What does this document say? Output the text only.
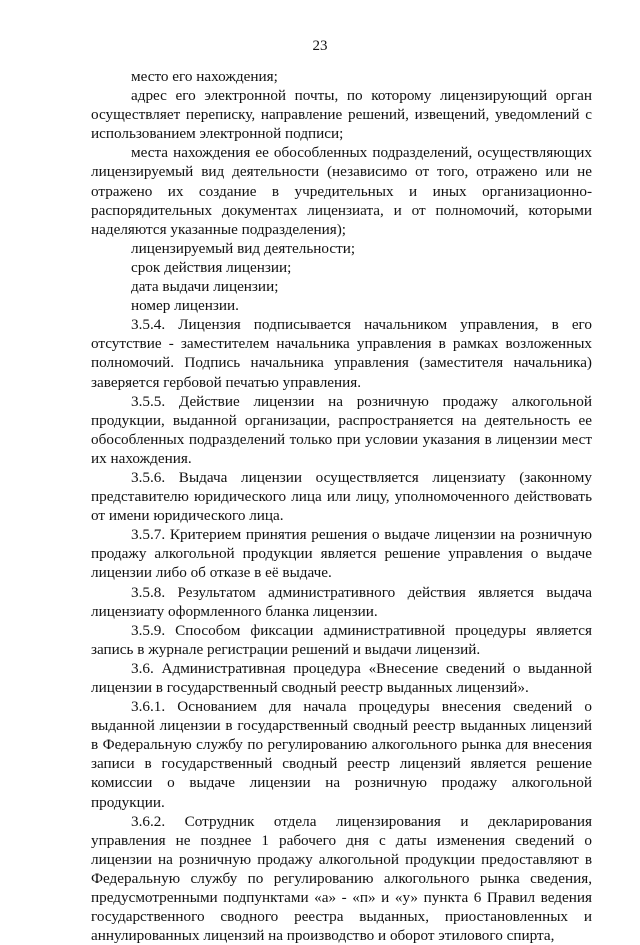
23

место его нахождения;

адрес его электронной почты, по которому лицензирующий орган осуществляет переписку, направление решений, извещений, уведомлений с использованием электронной подписи;

места нахождения ее обособленных подразделений, осуществляющих лицензируемый вид деятельности (независимо от того, отражено или не отражено их создание в учредительных и иных организационно-распорядительных документах лицензиата, и от полномочий, которыми наделяются указанные подразделения);

лицензируемый вид деятельности;

срок действия лицензии;

дата выдачи лицензии;

номер лицензии.

3.5.4. Лицензия подписывается начальником управления, в его отсутствие - заместителем начальника управления в рамках возложенных полномочий. Подпись начальника управления (заместителя начальника) заверяется гербовой печатью управления.

3.5.5. Действие лицензии на розничную продажу алкогольной продукции, выданной организации, распространяется на деятельность ее обособленных подразделений только при условии указания в лицензии мест их нахождения.

3.5.6. Выдача лицензии осуществляется лицензиату (законному представителю юридического лица или лицу, уполномоченного действовать от имени юридического лица.

3.5.7. Критерием принятия решения о выдаче лицензии на розничную продажу алкогольной продукции является решение управления о выдаче лицензии либо об отказе в её выдаче.

3.5.8. Результатом административного действия является выдача лицензиату оформленного бланка лицензии.

3.5.9. Способом фиксации административной процедуры является запись в журнале регистрации решений и выдачи лицензий.

3.6. Административная процедура «Внесение сведений о выданной лицензии в государственный сводный реестр выданных лицензий».

3.6.1. Основанием для начала процедуры внесения сведений о выданной лицензии в государственный сводный реестр выданных лицензий в Федеральную службу по регулированию алкогольного рынка для внесения записи в государственный сводный реестр лицензий является решение комиссии о выдаче лицензии на розничную продажу алкогольной продукции.

3.6.2. Сотрудник отдела лицензирования и декларирования управления не позднее 1 рабочего дня с даты изменения сведений о лицензии на розничную продажу алкогольной продукции предоставляют в Федеральную службу по регулированию алкогольного рынка сведения, предусмотренными подпунктами «а» - «п» и «у» пункта 6 Правил ведения государственного сводного реестра выданных, приостановленных и аннулированных лицензий на производство и оборот этилового спирта,
